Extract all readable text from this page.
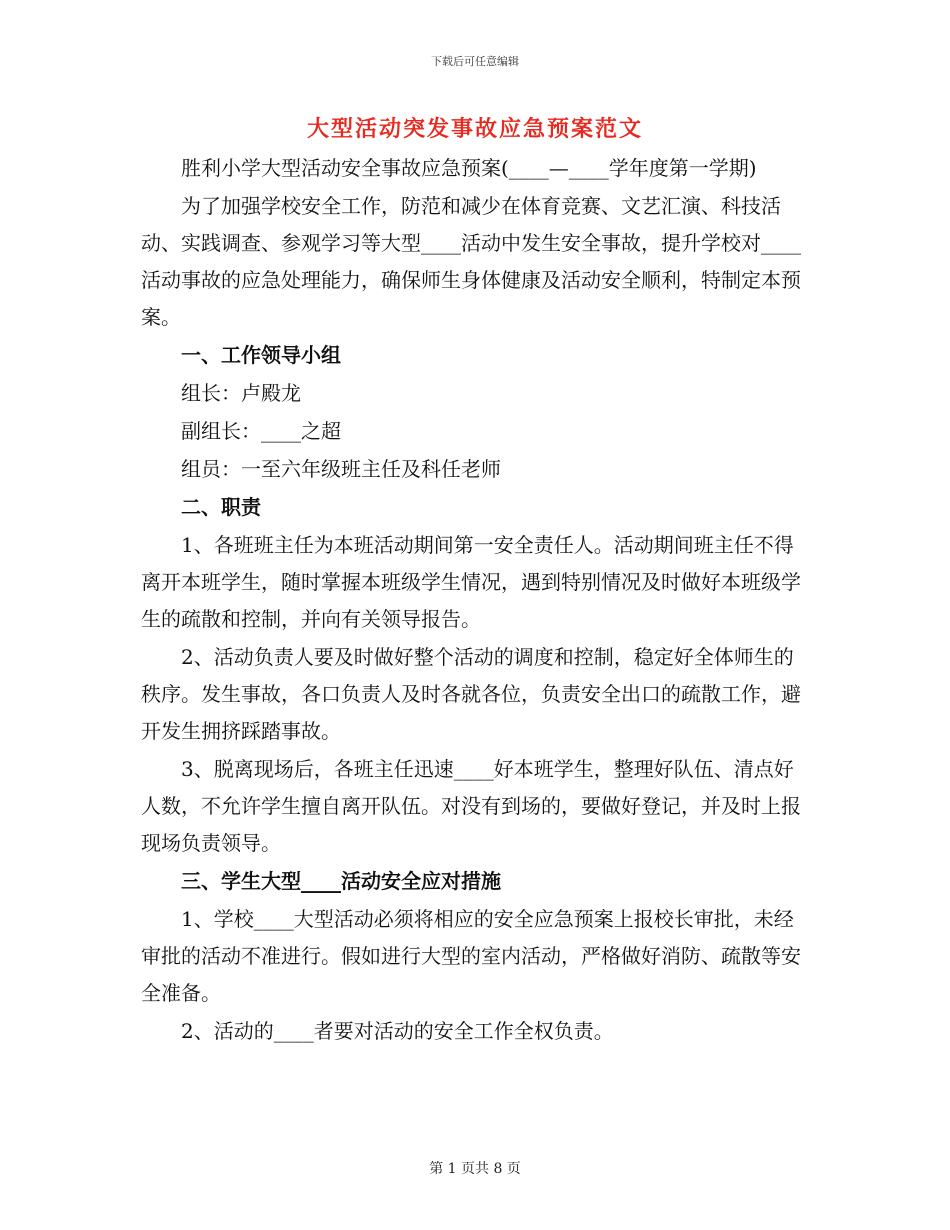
下载后可任意编辑
大型活动突发事故应急预案范文

胜利小学大型活动安全事故应急预案(____—____学年度第一学期)

为了加强学校安全工作，防范和减少在体育竞赛、文艺汇演、科技活动、实践调查、参观学习等大型____活动中发生安全事故，提升学校对____活动事故的应急处理能力，确保师生身体健康及活动安全顺利，特制定本预案。

一、工作领导小组

组长：卢殿龙

副组长：____之超

组员：一至六年级班主任及科任老师

二、职责

1、各班班主任为本班活动期间第一安全责任人。活动期间班主任不得离开本班学生，随时掌握本班级学生情况，遇到特别情况及时做好本班级学生的疏散和控制，并向有关领导报告。

2、活动负责人要及时做好整个活动的调度和控制，稳定好全体师生的秩序。发生事故，各口负责人及时各就各位，负责安全出口的疏散工作，避开发生拥挤踩踏事故。

3、脱离现场后，各班主任迅速____好本班学生，整理好队伍、清点好人数，不允许学生擅自离开队伍。对没有到场的，要做好登记，并及时上报现场负责领导。

三、学生大型____活动安全应对措施

1、学校____大型活动必须将相应的安全应急预案上报校长审批，未经审批的活动不准进行。假如进行大型的室内活动，严格做好消防、疏散等安全准备。

2、活动的____者要对活动的安全工作全权负责。

第 1 页共 8 页
